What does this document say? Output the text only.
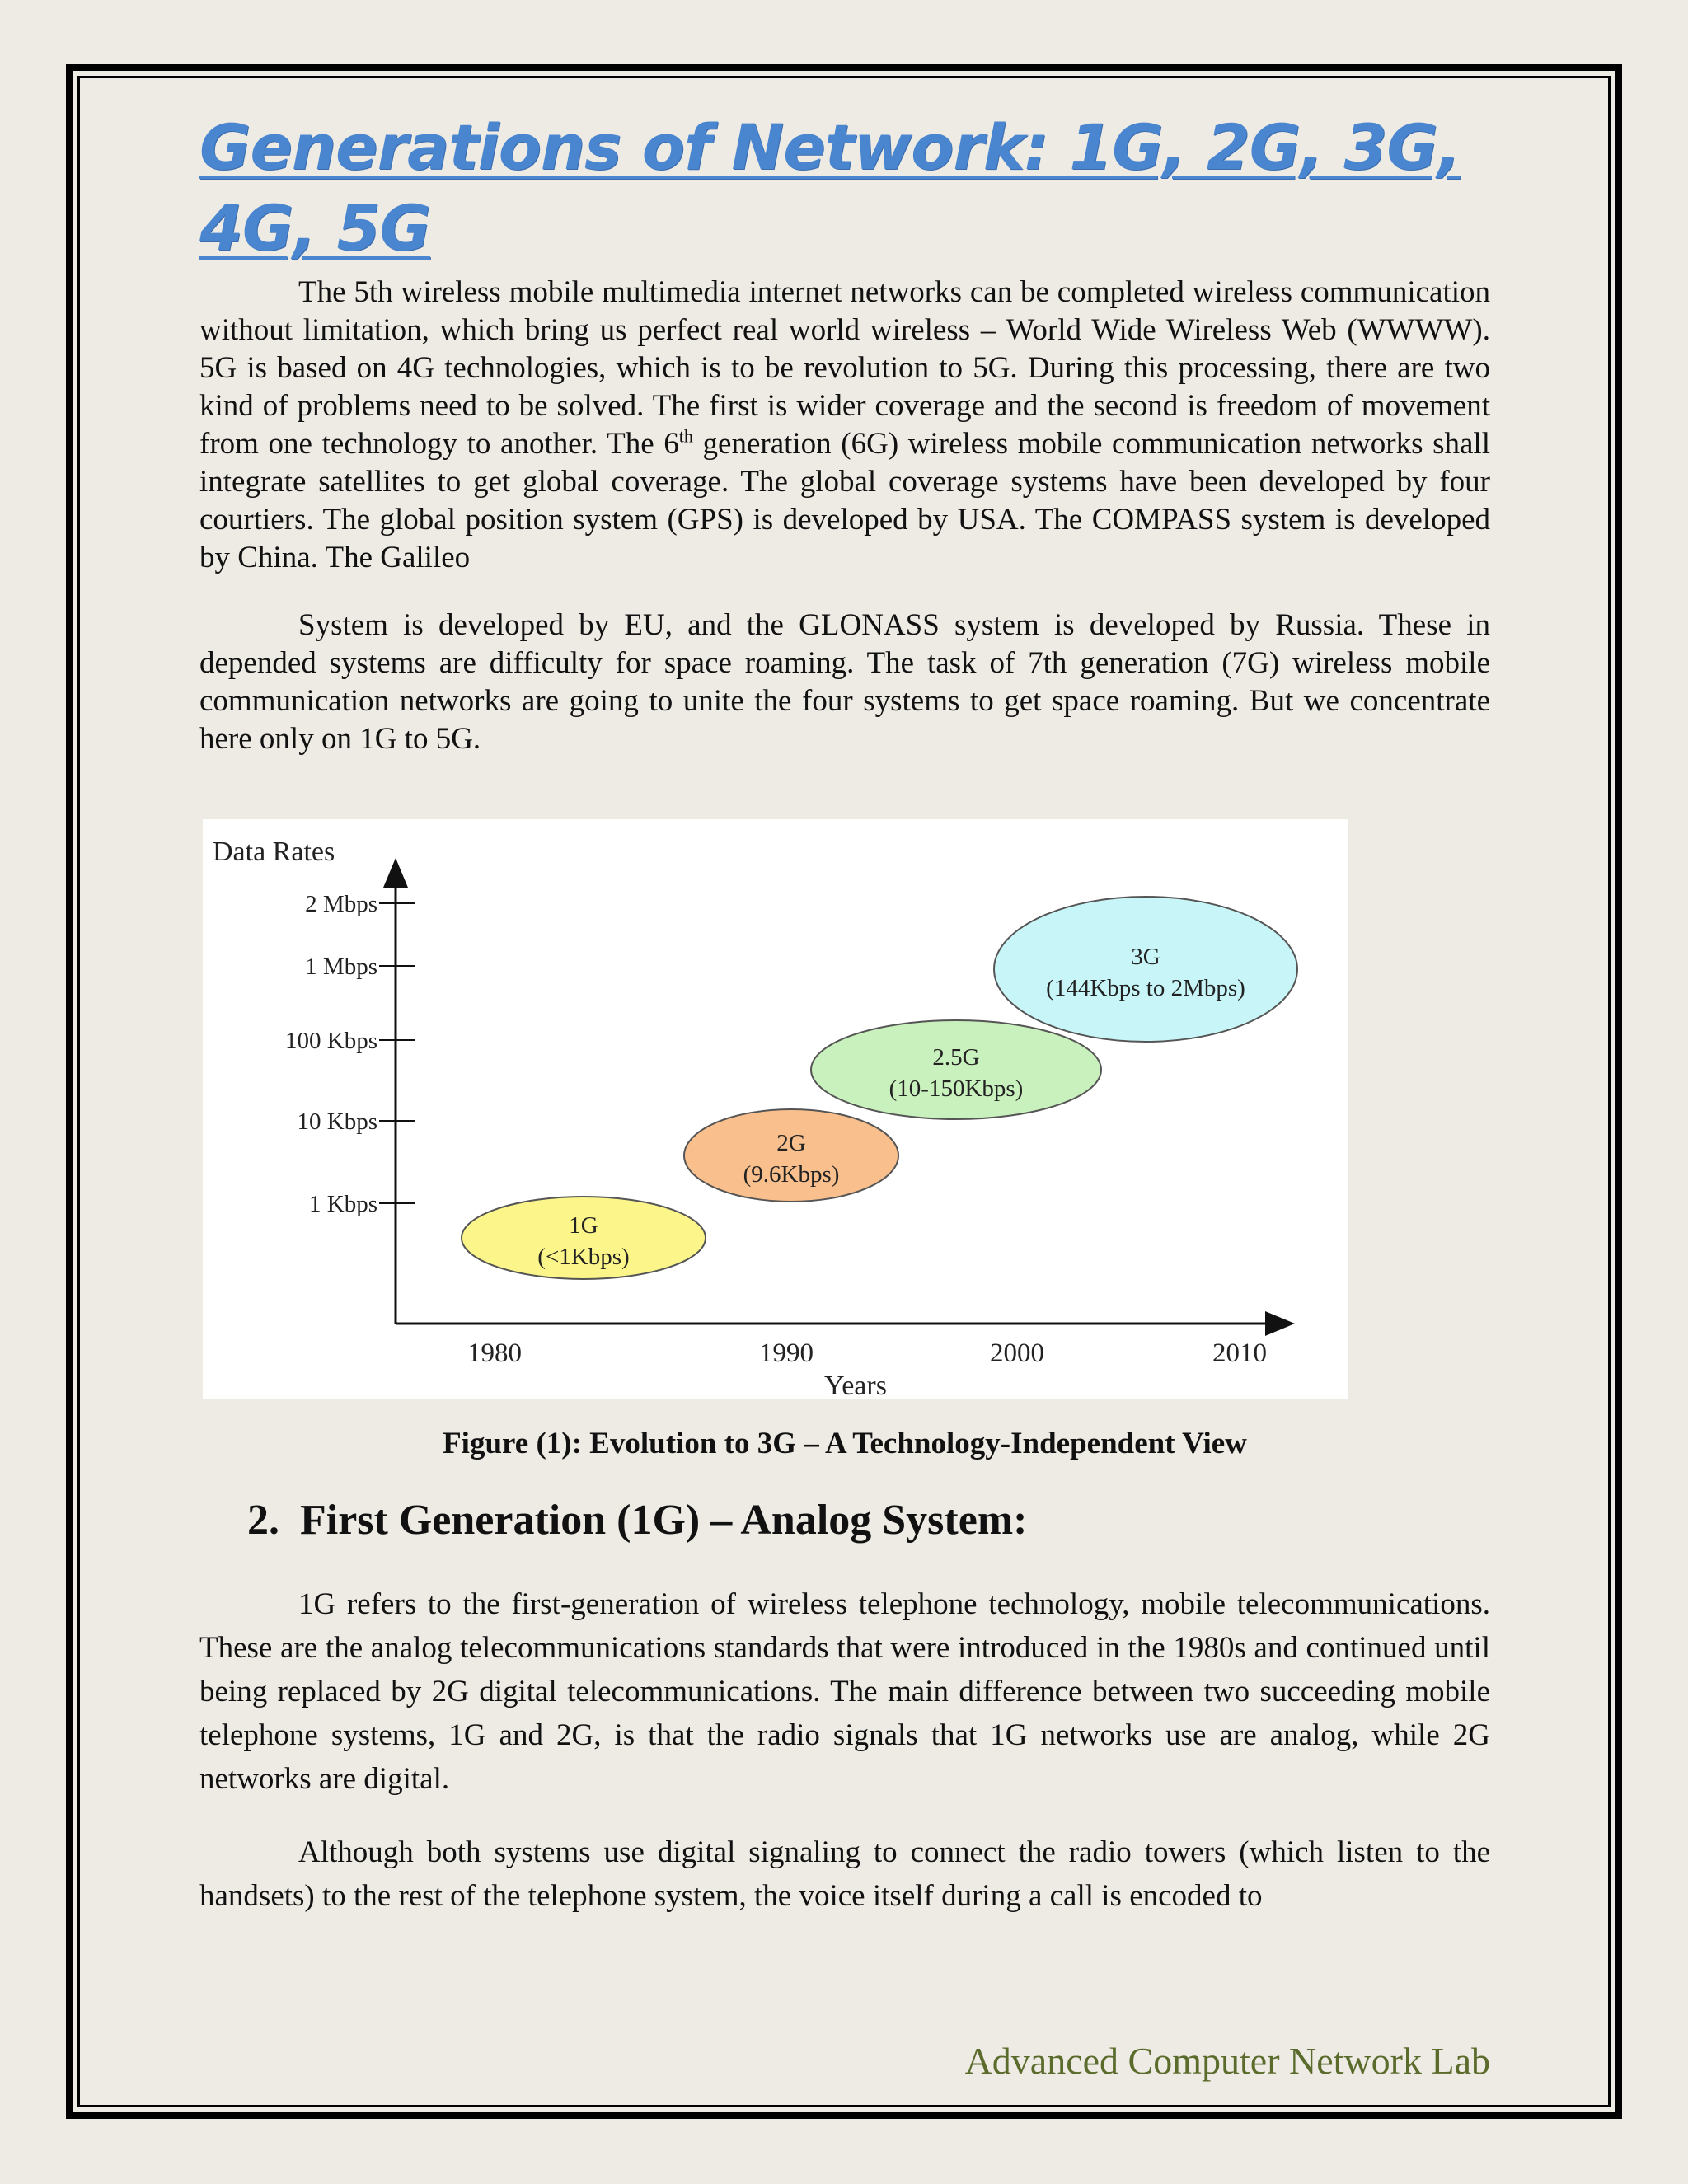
Generations of Network: 1G, 2G, 3G, 4G, 5G

The 5th wireless mobile multimedia internet networks can be completed wireless communication without limitation, which bring us perfect real world wireless – World Wide Wireless Web (WWWW). 5G is based on 4G technologies, which is to be revolution to 5G. During this processing, there are two kind of problems need to be solved. The first is wider coverage and the second is freedom of movement from one technology to another. The 6th generation (6G) wireless mobile communication networks shall integrate satellites to get global coverage. The global coverage systems have been developed by four courtiers. The global position system (GPS) is developed by USA. The COMPASS system is developed by China. The Galileo

System is developed by EU, and the GLONASS system is developed by Russia. These in depended systems are difficulty for space roaming. The task of 7th generation (7G) wireless mobile communication networks are going to unite the four systems to get space roaming. But we concentrate here only on 1G to 5G.

Data Rates
2 Mbps
1 Mbps
100 Kbps
10 Kbps
1 Kbps
1980	1990	2000	2010
Years
1G
(<1Kbps)
2G
(9.6Kbps)
2.5G
(10-150Kbps)
3G
(144Kbps to 2Mbps)
Figure (1): Evolution to 3G – A Technology-Independent View
2. First Generation (1G) – Analog System:

1G refers to the first-generation of wireless telephone technology, mobile telecommunications. These are the analog telecommunications standards that were introduced in the 1980s and continued until being replaced by 2G digital telecommunications. The main difference between two succeeding mobile telephone systems, 1G and 2G, is that the radio signals that 1G networks use are analog, while 2G networks are digital.

Although both systems use digital signaling to connect the radio towers (which listen to the handsets) to the rest of the telephone system, the voice itself during a call is encoded to

Advanced Computer Network Lab
